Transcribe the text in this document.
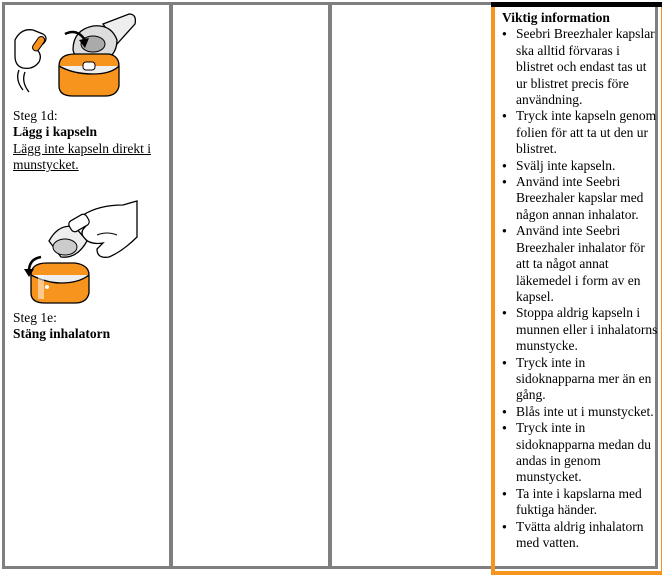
Steg 1d:

Lägg i kapseln

Lägg inte kapseln direkt i munstycket.

Steg 1e:

Stäng inhalatorn

Viktig information

● Seebri Breezhaler kapslar ska alltid förvaras i blistret och endast tas ut ur blistret precis före användning.
● Tryck inte kapseln genom folien för att ta ut den ur blistret.
● Svälj inte kapseln.
● Använd inte Seebri Breezhaler kapslar med någon annan inhalator.
● Använd inte Seebri Breezhaler inhalator för att ta något annat läkemedel i form av en kapsel.
● Stoppa aldrig kapseln i munnen eller i inhalatorns munstycke.
● Tryck inte in sidoknapparna mer än en gång.
● Blås inte ut i munstycket.
● Tryck inte in sidoknapparna medan du andas in genom munstycket.
● Ta inte i kapslarna med fuktiga händer.
● Tvätta aldrig inhalatorn med vatten.
